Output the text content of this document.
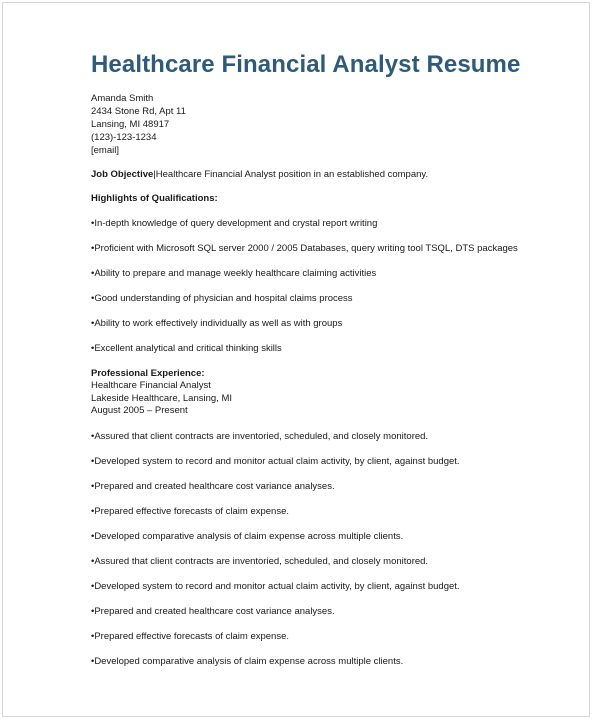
Healthcare Financial Analyst Resume
Amanda Smith
2434 Stone Rd, Apt 11
Lansing, MI 48917
(123)-123-1234
[email]
Job Objective|Healthcare Financial Analyst position in an established company.
Highlights of Qualifications:
•In-depth knowledge of query development and crystal report writing
•Proficient with Microsoft SQL server 2000 / 2005 Databases, query writing tool TSQL, DTS packages
•Ability to prepare and manage weekly healthcare claiming activities
•Good understanding of physician and hospital claims process
•Ability to work effectively individually as well as with groups
•Excellent analytical and critical thinking skills
Professional Experience:
Healthcare Financial Analyst
Lakeside Healthcare, Lansing, MI
August 2005 – Present
•Assured that client contracts are inventoried, scheduled, and closely monitored.
•Developed system to record and monitor actual claim activity, by client, against budget.
•Prepared and created healthcare cost variance analyses.
•Prepared effective forecasts of claim expense.
•Developed comparative analysis of claim expense across multiple clients.
•Assured that client contracts are inventoried, scheduled, and closely monitored.
•Developed system to record and monitor actual claim activity, by client, against budget.
•Prepared and created healthcare cost variance analyses.
•Prepared effective forecasts of claim expense.
•Developed comparative analysis of claim expense across multiple clients.
